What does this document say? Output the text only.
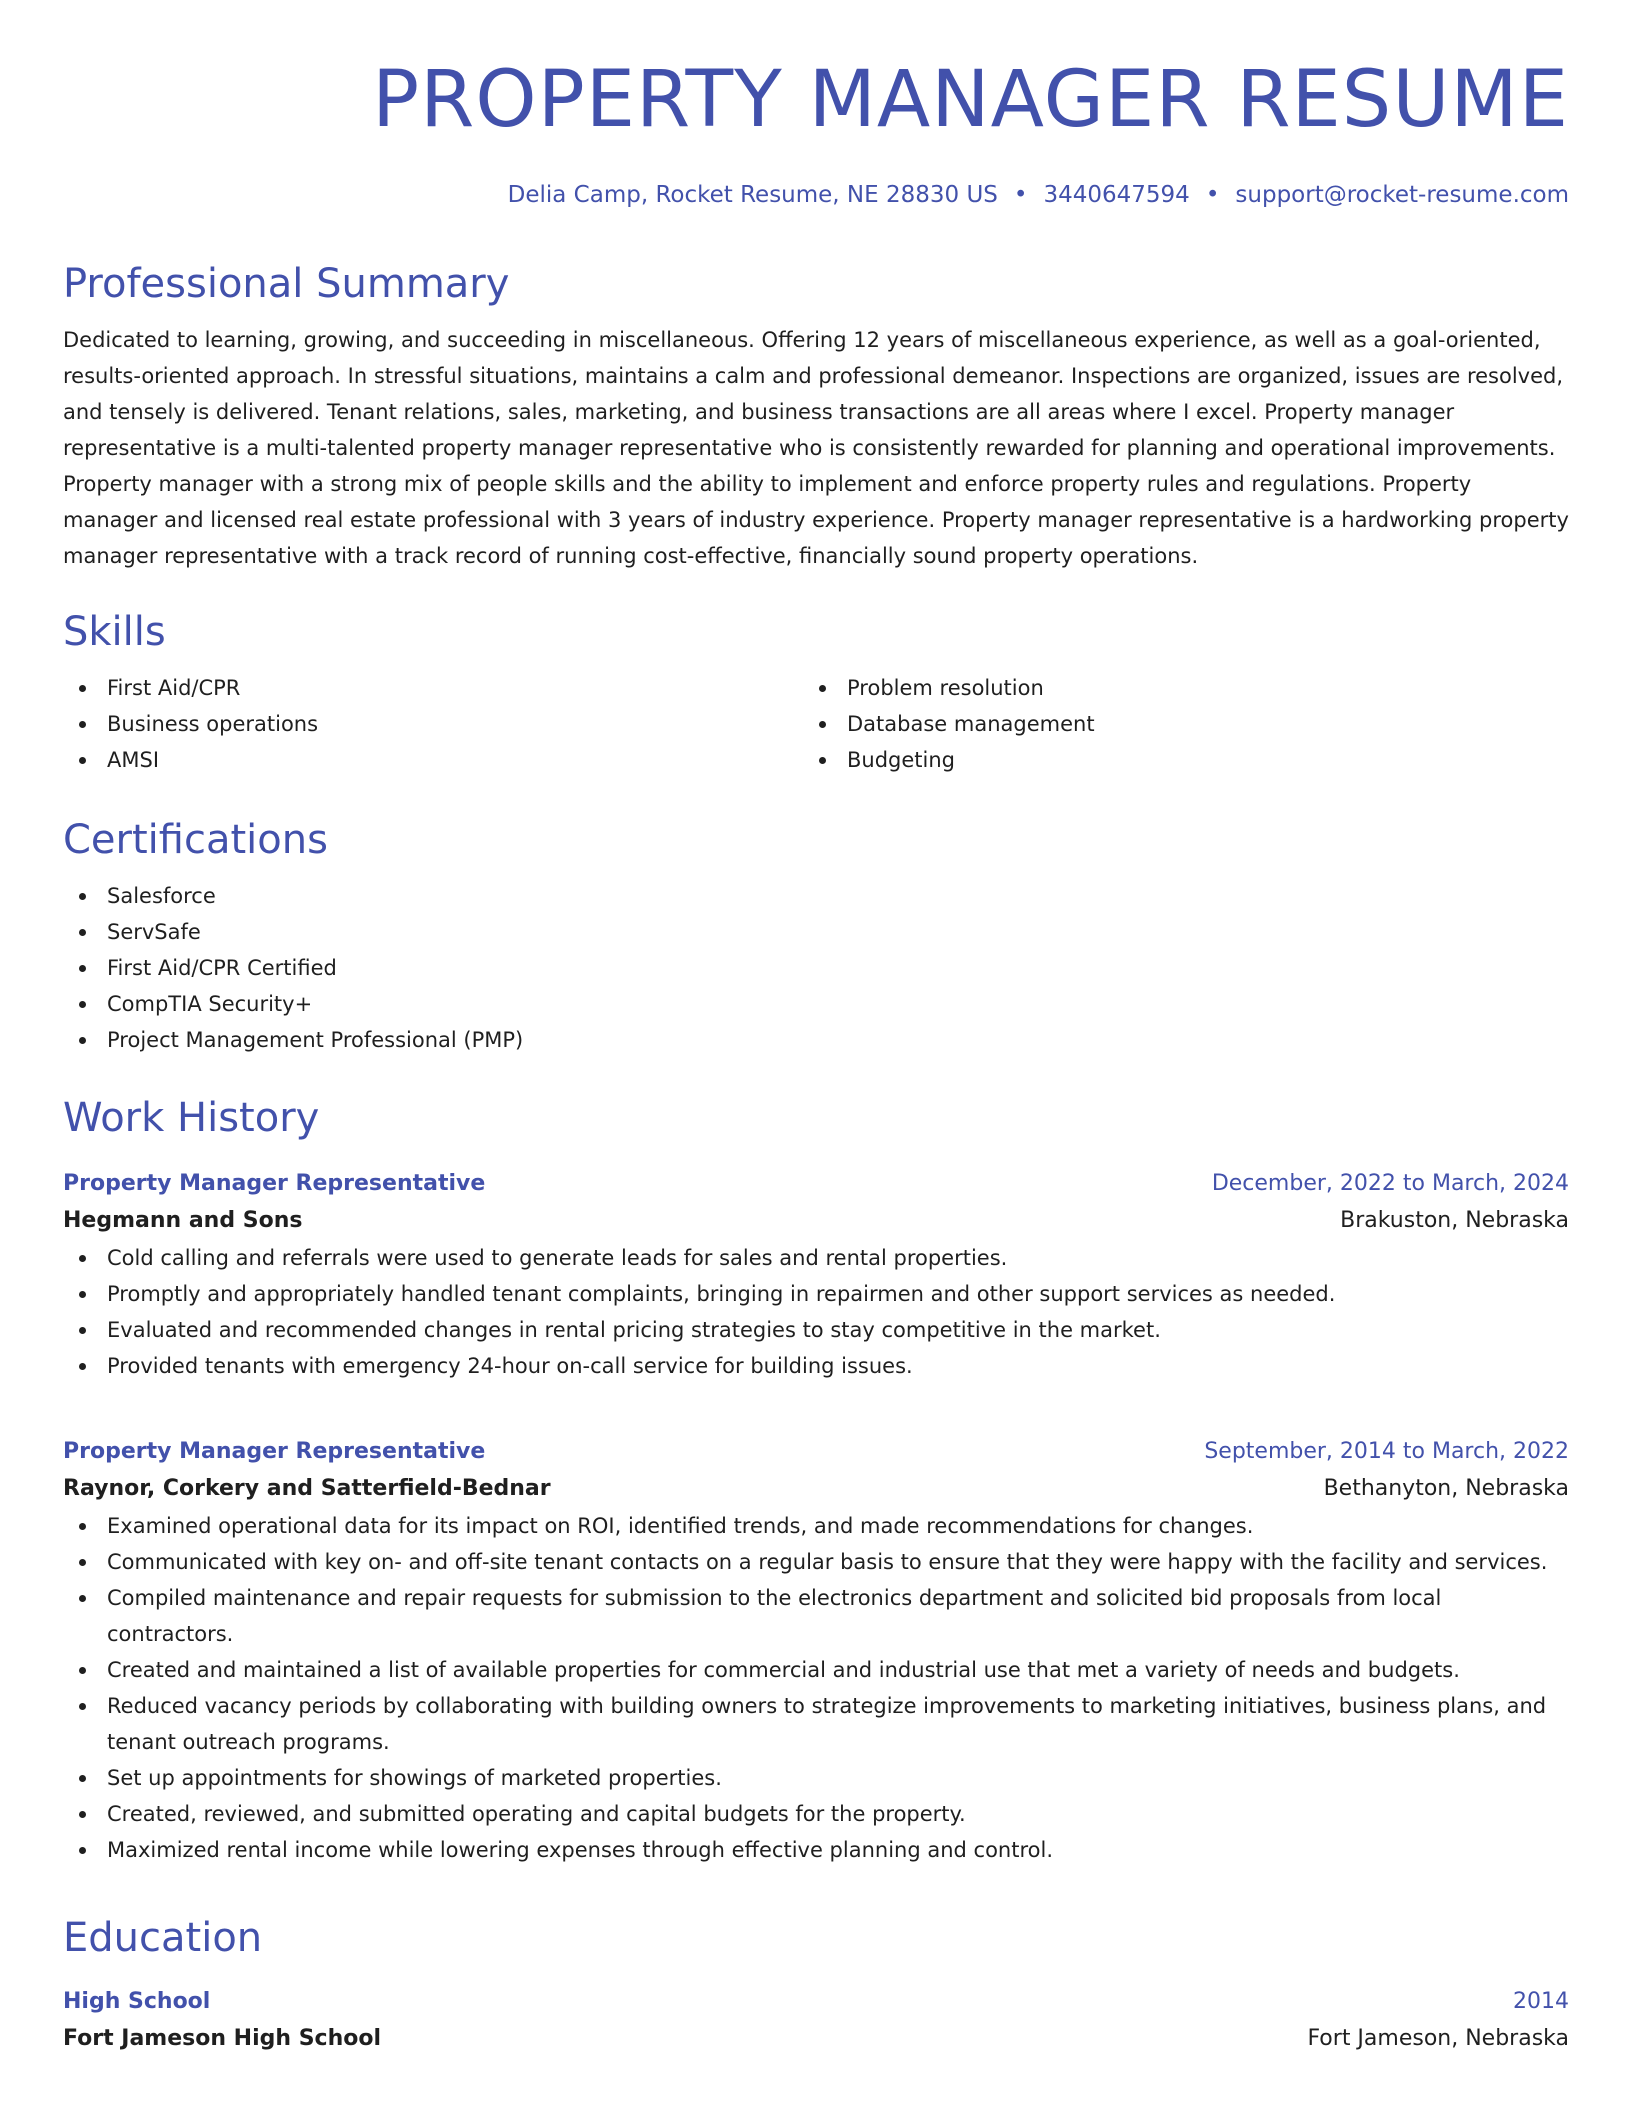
PROPERTY MANAGER RESUME
Delia Camp, Rocket Resume, NE 28830 US • 3440647594 • support@rocket-resume.com
Professional Summary

Dedicated to learning, growing, and succeeding in miscellaneous. Offering 12 years of miscellaneous experience, as well as a goal-oriented, results-oriented approach. In stressful situations, maintains a calm and professional demeanor. Inspections are organized, issues are resolved, and tensely is delivered. Tenant relations, sales, marketing, and business transactions are all areas where I excel. Property manager representative is a multi-talented property manager representative who is consistently rewarded for planning and operational improvements. Property manager with a strong mix of people skills and the ability to implement and enforce property rules and regulations. Property manager and licensed real estate professional with 3 years of industry experience. Property manager representative is a hardworking property manager representative with a track record of running cost-effective, financially sound property operations.

Skills
First Aid/CPR
Business operations
AMSI
Problem resolution
Database management
Budgeting
Certifications
Salesforce
ServSafe
First Aid/CPR Certified
CompTIA Security+
Project Management Professional (PMP)
Work History
Property Manager Representative	December, 2022 to March, 2024
Hegmann and Sons	Brakuston, Nebraska
Cold calling and referrals were used to generate leads for sales and rental properties.
Promptly and appropriately handled tenant complaints, bringing in repairmen and other support services as needed.
Evaluated and recommended changes in rental pricing strategies to stay competitive in the market.
Provided tenants with emergency 24-hour on-call service for building issues.
Property Manager Representative	September, 2014 to March, 2022
Raynor, Corkery and Satterfield-Bednar	Bethanyton, Nebraska
Examined operational data for its impact on ROI, identified trends, and made recommendations for changes.
Communicated with key on- and off-site tenant contacts on a regular basis to ensure that they were happy with the facility and services.
Compiled maintenance and repair requests for submission to the electronics department and solicited bid proposals from local contractors.
Created and maintained a list of available properties for commercial and industrial use that met a variety of needs and budgets.
Reduced vacancy periods by collaborating with building owners to strategize improvements to marketing initiatives, business plans, and tenant outreach programs.
Set up appointments for showings of marketed properties.
Created, reviewed, and submitted operating and capital budgets for the property.
Maximized rental income while lowering expenses through effective planning and control.
Education
High School	2014
Fort Jameson High School	Fort Jameson, Nebraska
